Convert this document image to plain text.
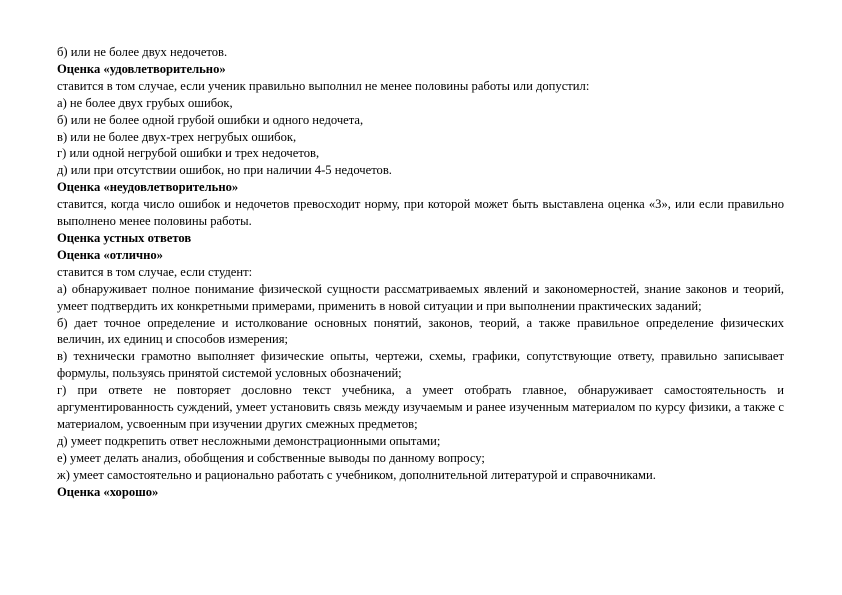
б) или не более двух недочетов.
Оценка «удовлетворительно»
ставится в том случае, если ученик правильно выполнил не менее половины работы или допустил:
а) не более двух грубых ошибок,
б) или не более одной грубой ошибки и одного недочета,
в) или не более двух-трех негрубых ошибок,
г) или одной негрубой ошибки и трех недочетов,
д) или при отсутствии ошибок, но при наличии 4-5 недочетов.
Оценка «неудовлетворительно»
ставится, когда число ошибок и недочетов превосходит норму, при которой может быть выставлена оценка «3», или если правильно выполнено менее половины работы.
Оценка устных ответов
Оценка «отлично»
ставится в том случае, если студент:
а) обнаруживает полное понимание физической сущности рассматриваемых явлений и закономерностей, знание законов и теорий, умеет подтвердить их конкретными примерами, применить в новой ситуации и при выполнении практических заданий;
б) дает точное определение и истолкование основных понятий, законов, теорий, а также правильное определение физических величин, их единиц и способов измерения;
в) технически грамотно выполняет физические опыты, чертежи, схемы, графики, сопутствующие ответу, правильно записывает формулы, пользуясь принятой системой условных обозначений;
г) при ответе не повторяет дословно текст учебника, а умеет отобрать главное, обнаруживает самостоятельность и аргументированность суждений, умеет установить связь между изучаемым и ранее изученным материалом по курсу физики, а также с материалом, усвоенным при изучении других смежных предметов;
д) умеет подкрепить ответ несложными демонстрационными опытами;
е) умеет делать анализ, обобщения и собственные выводы по данному вопросу;
ж) умеет самостоятельно и рационально работать с учебником, дополнительной литературой и справочниками.
Оценка «хорошо»
